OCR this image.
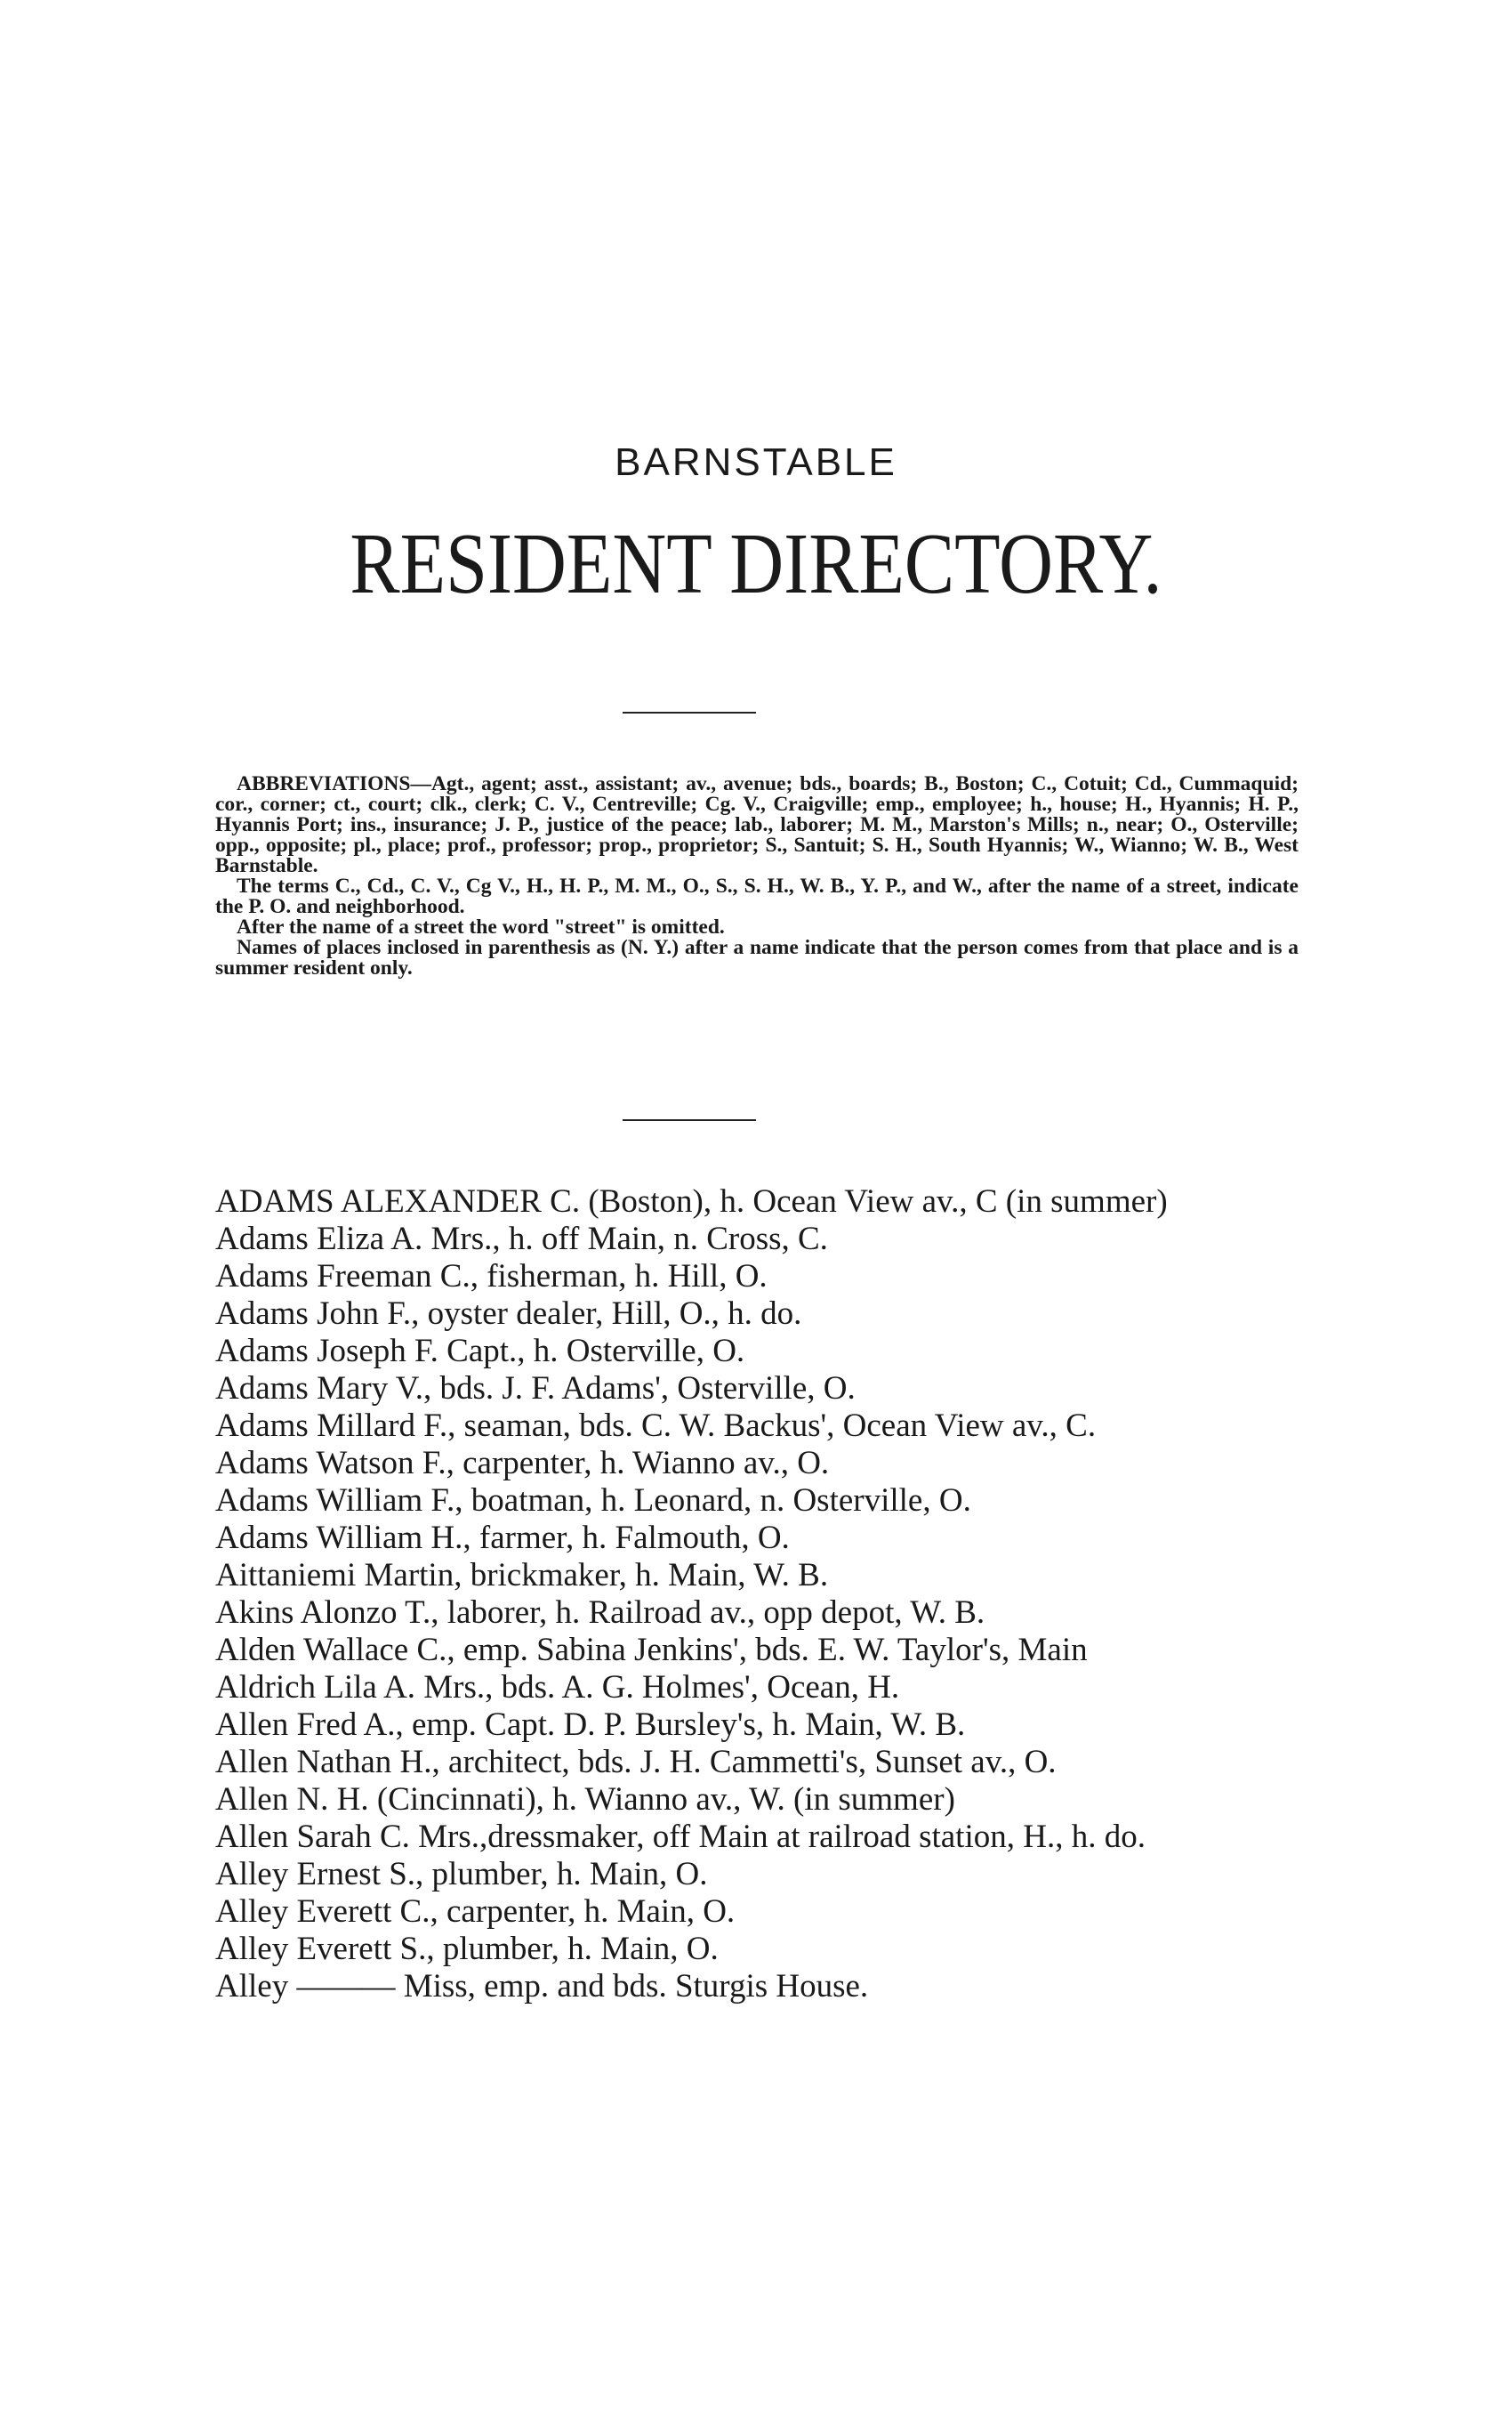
BARNSTABLE
RESIDENT DIRECTORY.

ABBREVIATIONS—Agt., agent; asst., assistant; av., avenue; bds., boards; B., Boston; C., Cotuit; Cd., Cummaquid; cor., corner; ct., court; clk., clerk; C. V., Centreville; Cg. V., Craigville; emp., employee; h., house; H., Hyannis; H. P., Hyannis Port; ins., insurance; J. P., justice of the peace; lab., laborer; M. M., Marston's Mills; n., near; O., Osterville; opp., opposite; pl., place; prof., professor; prop., proprietor; S., Santuit; S. H., South Hyannis; W., Wianno; W. B., West Barnstable.

The terms C., Cd., C. V., Cg V., H., H. P., M. M., O., S., S. H., W. B., Y. P., and W., after the name of a street, indicate the P. O. and neighborhood.

After the name of a street the word "street" is omitted.

Names of places inclosed in parenthesis as (N. Y.) after a name indicate that the person comes from that place and is a summer resident only.

ADAMS ALEXANDER C. (Boston), h. Ocean View av., C (in summer)

Adams Eliza A. Mrs., h. off Main, n. Cross, C.

Adams Freeman C., fisherman, h. Hill, O.

Adams John F., oyster dealer, Hill, O., h. do.

Adams Joseph F. Capt., h. Osterville, O.

Adams Mary V., bds. J. F. Adams', Osterville, O.

Adams Millard F., seaman, bds. C. W. Backus', Ocean View av., C.

Adams Watson F., carpenter, h. Wianno av., O.

Adams William F., boatman, h. Leonard, n. Osterville, O.

Adams William H., farmer, h. Falmouth, O.

Aittaniemi Martin, brickmaker, h. Main, W. B.

Akins Alonzo T., laborer, h. Railroad av., opp depot, W. B.

Alden Wallace C., emp. Sabina Jenkins', bds. E. W. Taylor's, Main

Aldrich Lila A. Mrs., bds. A. G. Holmes', Ocean, H.

Allen Fred A., emp. Capt. D. P. Bursley's, h. Main, W. B.

Allen Nathan H., architect, bds. J. H. Cammetti's, Sunset av., O.

Allen N. H. (Cincinnati), h. Wianno av., W. (in summer)

Allen Sarah C. Mrs.,dressmaker, off Main at railroad station, H., h. do.

Alley Ernest S., plumber, h. Main, O.

Alley Everett C., carpenter, h. Main, O.

Alley Everett S., plumber, h. Main, O.

Alley ——— Miss, emp. and bds. Sturgis House.
